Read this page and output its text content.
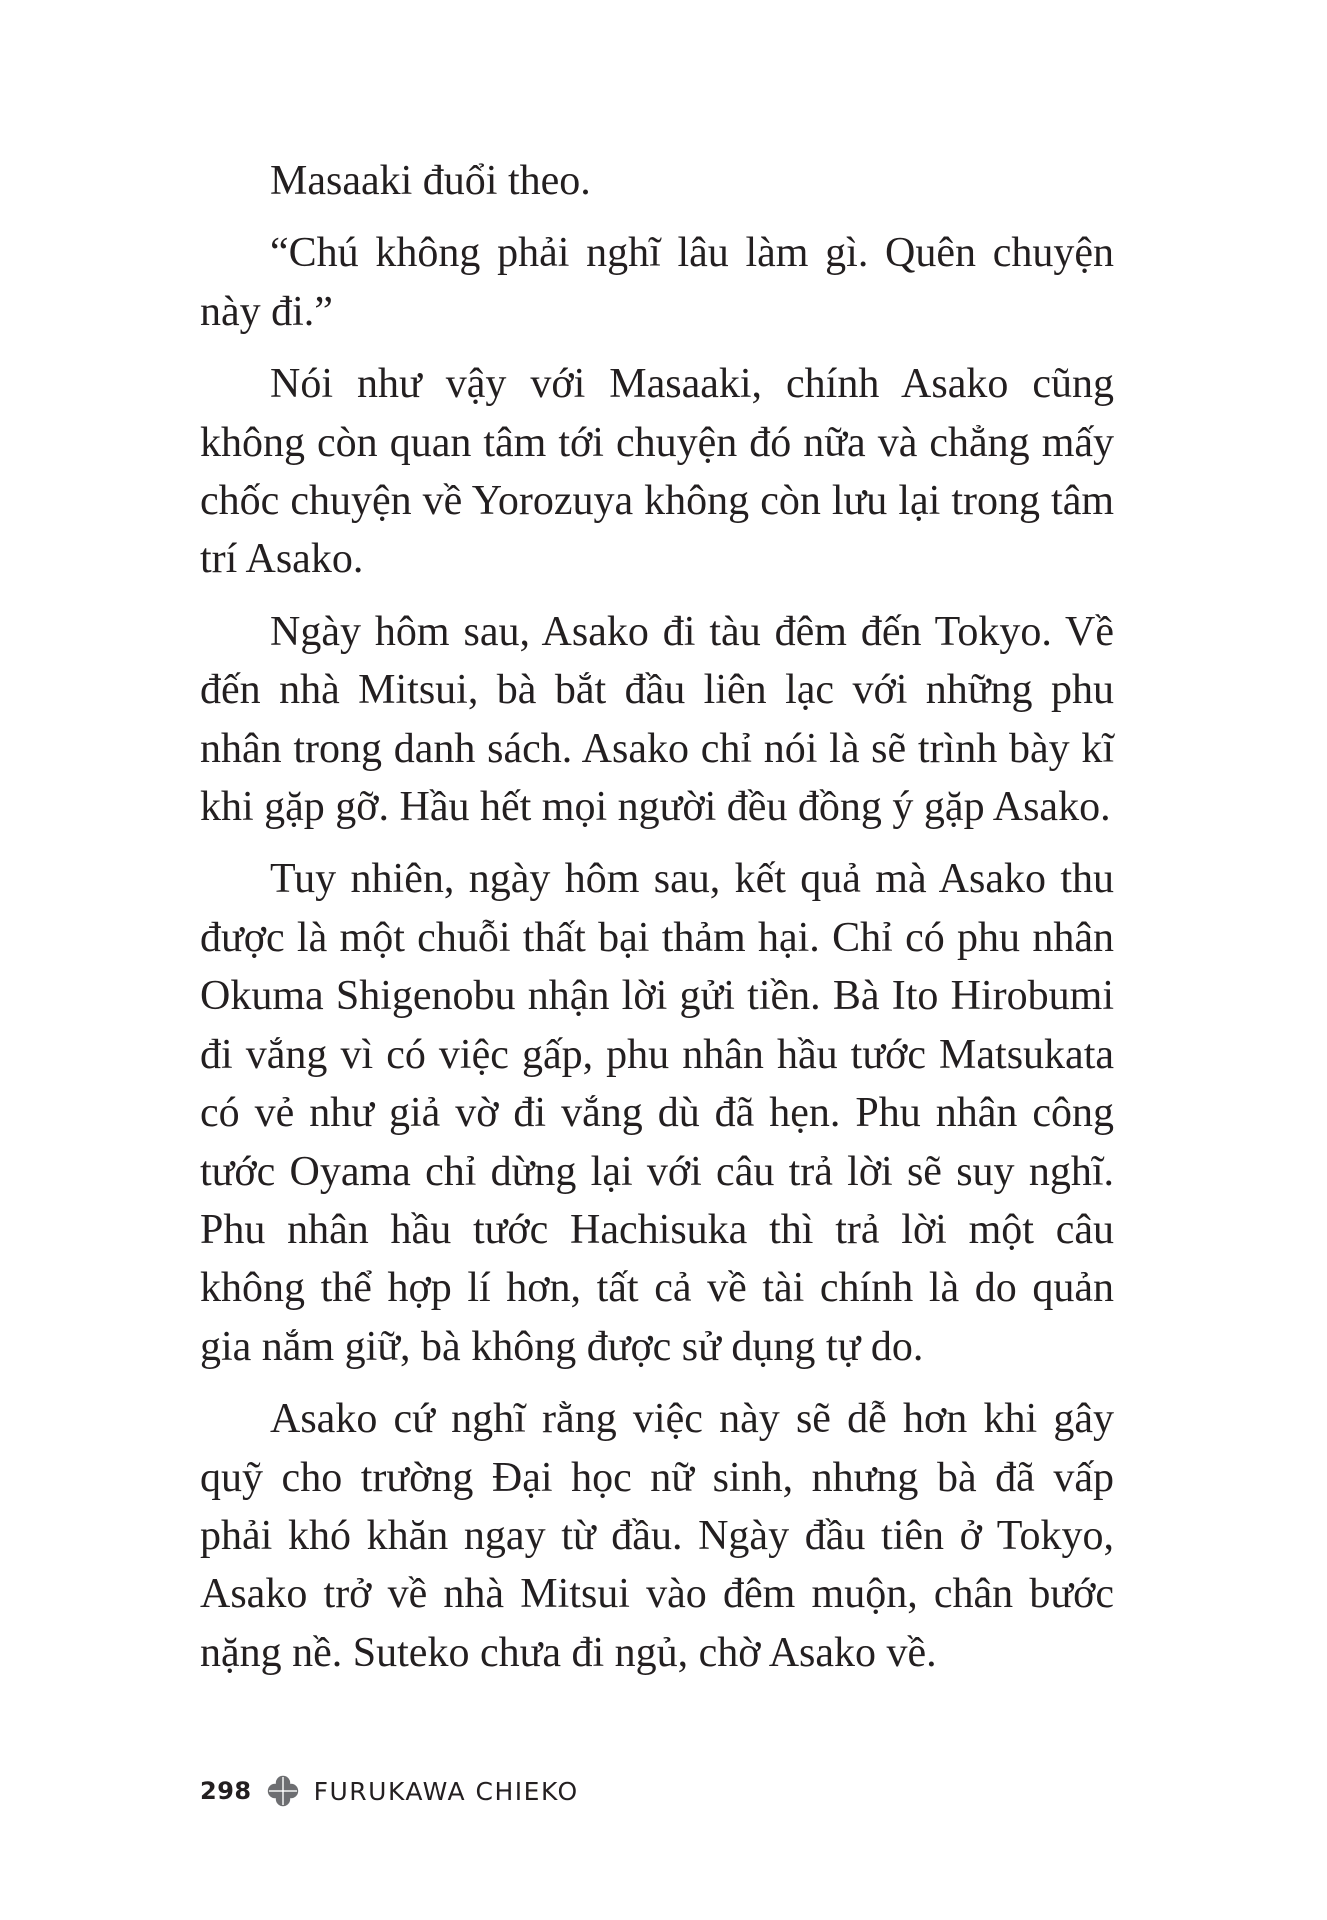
Masaaki đuổi theo.

“Chú không phải nghĩ lâu làm gì. Quên chuyện này đi.”

Nói như vậy với Masaaki, chính Asako cũng không còn quan tâm tới chuyện đó nữa và chẳng mấy chốc chuyện về Yorozuya không còn lưu lại trong tâm trí Asako.

Ngày hôm sau, Asako đi tàu đêm đến Tokyo. Về đến nhà Mitsui, bà bắt đầu liên lạc với những phu nhân trong danh sách. Asako chỉ nói là sẽ trình bày kĩ khi gặp gỡ. Hầu hết mọi người đều đồng ý gặp Asako.

Tuy nhiên, ngày hôm sau, kết quả mà Asako thu được là một chuỗi thất bại thảm hại. Chỉ có phu nhân Okuma Shigenobu nhận lời gửi tiền. Bà Ito Hirobumi đi vắng vì có việc gấp, phu nhân hầu tước Matsukata có vẻ như giả vờ đi vắng dù đã hẹn. Phu nhân công tước Oyama chỉ dừng lại với câu trả lời sẽ suy nghĩ. Phu nhân hầu tước Hachisuka thì trả lời một câu không thể hợp lí hơn, tất cả về tài chính là do quản gia nắm giữ, bà không được sử dụng tự do.

Asako cứ nghĩ rằng việc này sẽ dễ hơn khi gây quỹ cho trường Đại học nữ sinh, nhưng bà đã vấp phải khó khăn ngay từ đầu. Ngày đầu tiên ở Tokyo, Asako trở về nhà Mitsui vào đêm muộn, chân bước nặng nề. Suteko chưa đi ngủ, chờ Asako về.

298 FURUKAWA CHIEKO
